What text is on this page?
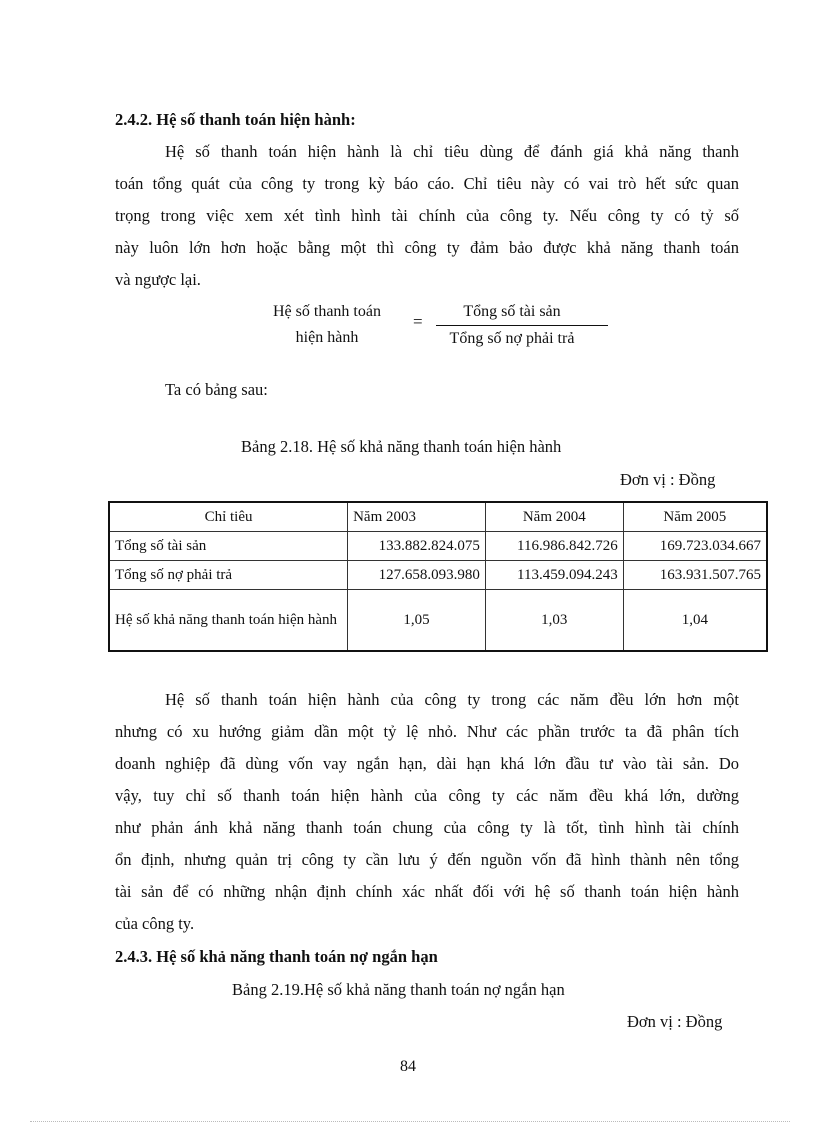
2.4.2. Hệ số thanh toán hiện hành:
Hệ số thanh toán hiện hành là chỉ tiêu dùng để đánh giá khả năng thanh
toán tổng quát của công ty trong kỳ báo cáo. Chỉ tiêu này có vai trò hết sức quan
trọng trong việc xem xét tình hình tài chính của công ty. Nếu công ty có tỷ số
này luôn lớn hơn hoặc bằng một thì công ty đảm bảo được khả năng thanh toán
và ngược lại.
Hệ số thanh toán
hiện hành
=
Tổng số tài sản
Tổng số nợ phải trả
Ta có bảng sau:
Bảng 2.18. Hệ số khả năng thanh toán hiện hành
Đơn vị : Đồng
Chỉ tiêu	Năm 2003	Năm 2004	Năm 2005
Tổng số tài sản	133.882.824.075	116.986.842.726	169.723.034.667
Tổng số nợ phải trả	127.658.093.980	113.459.094.243	163.931.507.765
Hệ số khả năng thanh toán hiện hành	1,05	1,03	1,04
Hệ số thanh toán hiện hành của công ty trong các năm đều lớn hơn một
nhưng có xu hướng giảm dần một tỷ lệ nhỏ. Như các phần trước ta đã phân tích
doanh nghiệp đã dùng vốn vay ngắn hạn, dài hạn khá lớn đầu tư vào tài sản. Do
vậy, tuy chỉ số thanh toán hiện hành của công ty các năm đều khá lớn, dường
như phản ánh khả năng thanh toán chung của công ty là tốt, tình hình tài chính
ổn định, nhưng quản trị công ty cần lưu ý đến nguồn vốn đã hình thành nên tổng
tài sản để có những nhận định chính xác nhất đối với hệ số thanh toán hiện hành
của công ty.
2.4.3. Hệ số khả năng thanh toán nợ ngắn hạn
Bảng 2.19.Hệ số khả năng thanh toán nợ ngắn hạn
Đơn vị : Đồng
84
